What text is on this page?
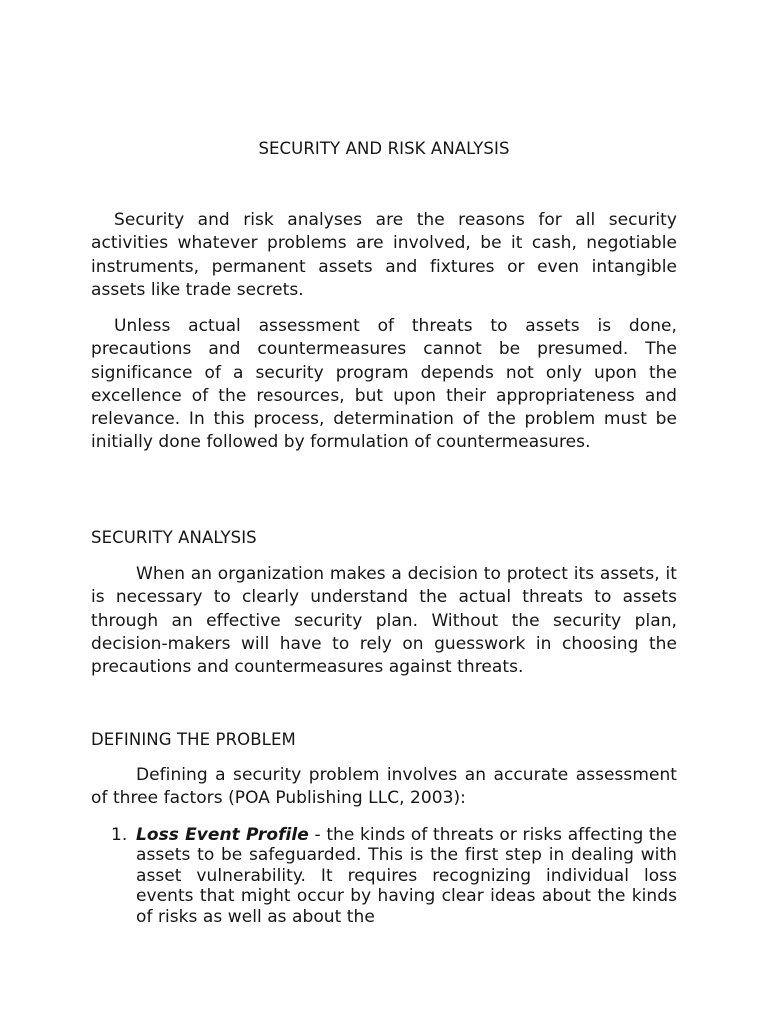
SECURITY AND RISK ANALYSIS

Security and risk analyses are the reasons for all security activities whatever problems are involved, be it cash, negotiable instruments, permanent assets and fixtures or even intangible assets like trade secrets.

Unless actual assessment of threats to assets is done, precautions and countermeasures cannot be presumed. The significance of a security program depends not only upon the excellence of the resources, but upon their appropriateness and relevance. In this process, determination of the problem must be initially done followed by formulation of countermeasures.

SECURITY ANALYSIS

When an organization makes a decision to protect its assets, it is necessary to clearly understand the actual threats to assets through an effective security plan. Without the security plan, decision-makers will have to rely on guesswork in choosing the precautions and countermeasures against threats.

DEFINING THE PROBLEM

Defining a security problem involves an accurate assessment of three factors (POA Publishing LLC, 2003):

1. Loss Event Profile - the kinds of threats or risks affecting the assets to be safeguarded. This is the first step in dealing with asset vulnerability. It requires recognizing individual loss events that might occur by having clear ideas about the kinds of risks as well as about the
